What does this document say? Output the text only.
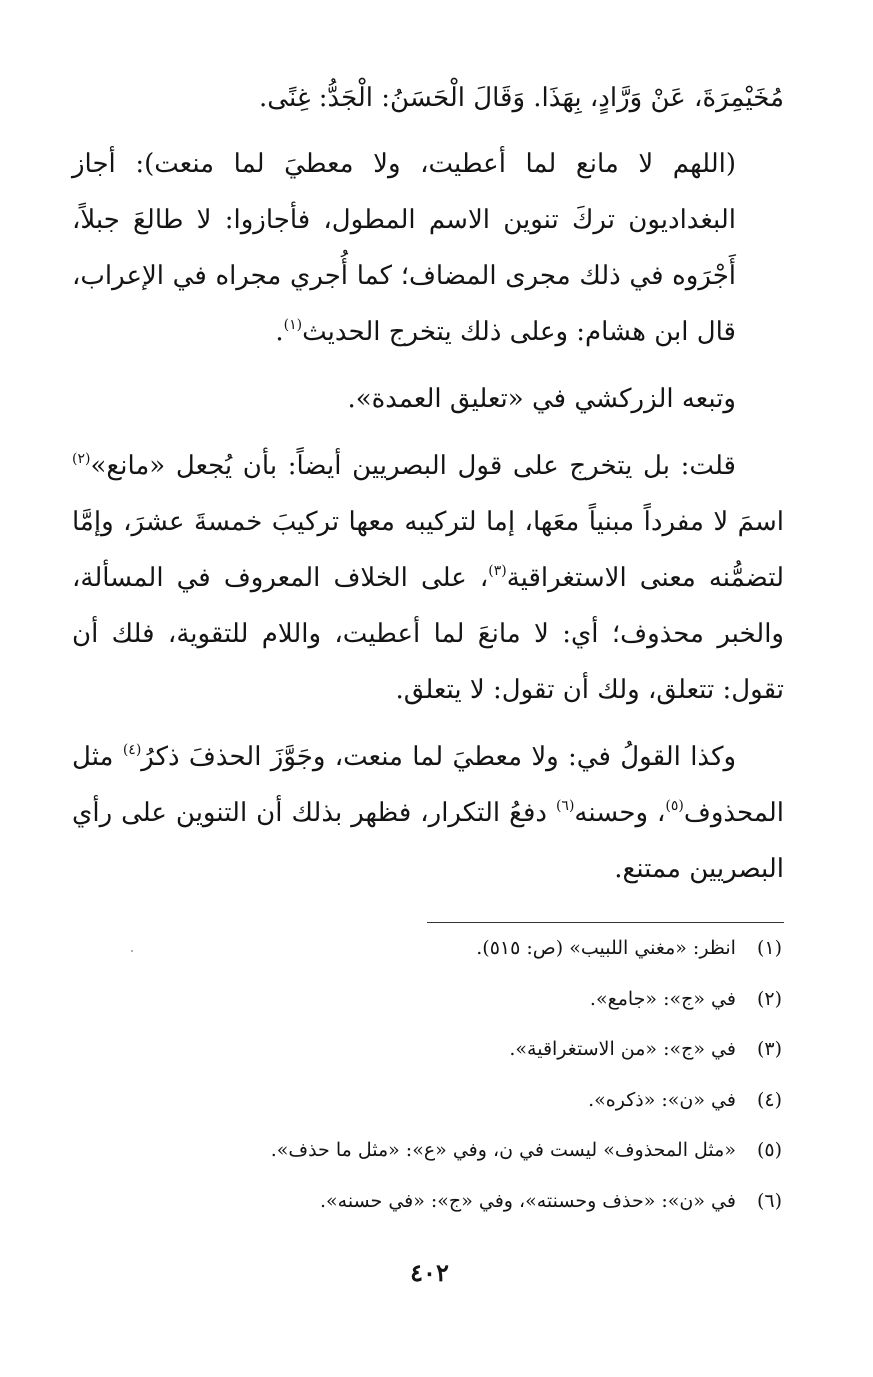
مُخَيْمِرَةَ، عَنْ وَرَّادٍ، بِهَذَا. وَقَالَ الْحَسَنُ: الْجَدُّ: غِنًى.

(اللهم لا مانع لما أعطيت، ولا معطيَ لما منعت): أجاز البغداديون تركَ تنوين الاسم المطول، فأجازوا: لا طالعَ جبلاً، أَجْرَوه في ذلك مجرى المضاف؛ كما أُجري مجراه في الإعراب، قال ابن هشام: وعلى ذلك يتخرج الحديث$^{(١)}$.

وتبعه الزركشي في «تعليق العمدة».

قلت: بل يتخرج على قول البصريين أيضاً: بأن يُجعل «مانع»$^{(٢)}$ اسمَ لا مفرداً مبنياً معَها، إما لتركيبه معها تركيبَ خمسةَ عشرَ، وإمَّا لتضمُّنه معنى الاستغراقية$^{(٣)}$، على الخلاف المعروف في المسألة، والخبر محذوف؛ أي: لا مانعَ لما أعطيت، واللام للتقوية، فلك أن تقول: تتعلق، ولك أن تقول: لا يتعلق.

وكذا القولُ في: ولا معطيَ لما منعت، وجَوَّزَ الحذفَ ذكرُ$^{(٤)}$ مثل المحذوف$^{(٥)}$، وحسنه$^{(٦)}$ دفعُ التكرار، فظهر بذلك أن التنوين على رأي البصريين ممتنع.

(١) انظر: «مغني اللبيب» (ص: ٥١٥).
(٢) في «ج»: «جامع».
(٣) في «ج»: «من الاستغراقية».
(٤) في «ن»: «ذكره».
(٥) «مثل المحذوف» ليست في ن، وفي «ع»: «مثل ما حذف».
(٦) في «ن»: «حذف وحسنته»، وفي «ج»: «في حسنه».
٤٠٢
